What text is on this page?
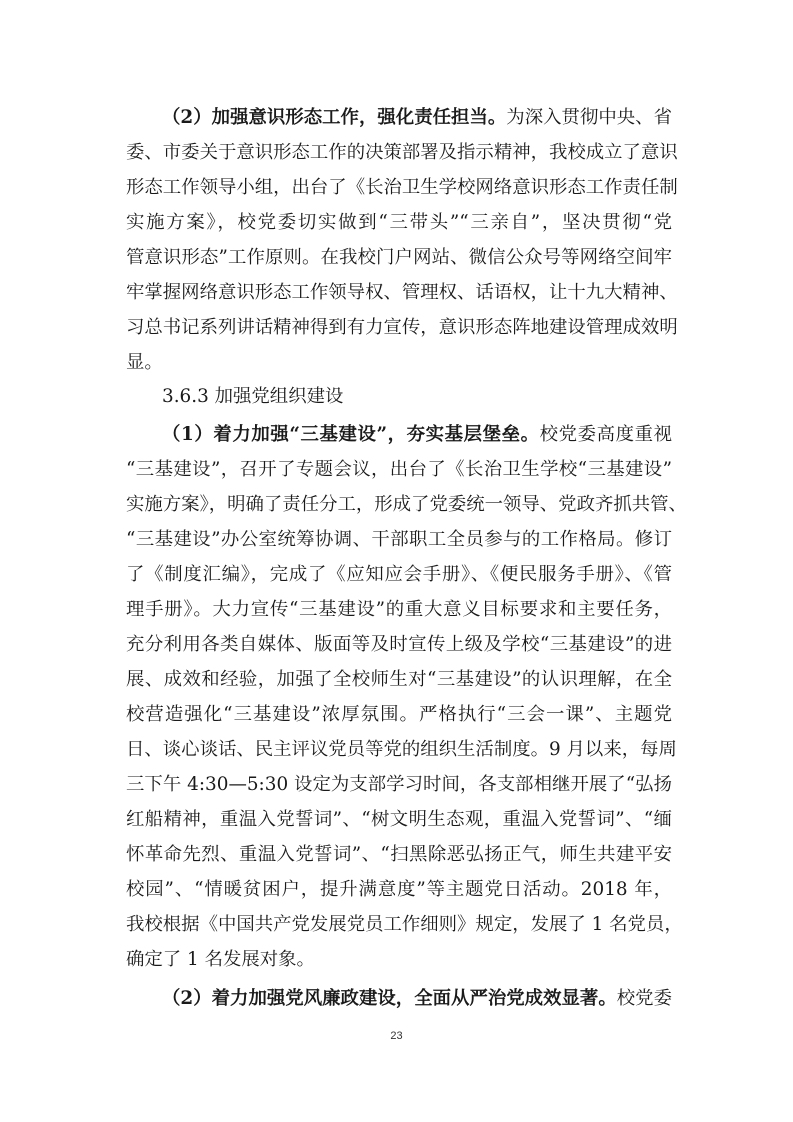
（2）加强意识形态工作，强化责任担当。为深入贯彻中央、省
委、市委关于意识形态工作的决策部署及指示精神，我校成立了意识
形态工作领导小组，出台了《长治卫生学校网络意识形态工作责任制
实施方案》，校党委切实做到“三带头”“三亲自”，坚决贯彻“党
管意识形态”工作原则。在我校门户网站、微信公众号等网络空间牢
牢掌握网络意识形态工作领导权、管理权、话语权，让十九大精神、
习总书记系列讲话精神得到有力宣传，意识形态阵地建设管理成效明
显。
3.6.3 加强党组织建设
（1）着力加强“三基建设”，夯实基层堡垒。校党委高度重视
“三基建设”，召开了专题会议，出台了《长治卫生学校“三基建设”
实施方案》，明确了责任分工，形成了党委统一领导、党政齐抓共管、
“三基建设”办公室统筹协调、干部职工全员参与的工作格局。修订
了《制度汇编》，完成了《应知应会手册》、《便民服务手册》、《管
理手册》。大力宣传“三基建设”的重大意义目标要求和主要任务，
充分利用各类自媒体、版面等及时宣传上级及学校“三基建设”的进
展、成效和经验，加强了全校师生对“三基建设”的认识理解，在全
校营造强化“三基建设”浓厚氛围。严格执行“三会一课”、主题党
日、谈心谈话、民主评议党员等党的组织生活制度。9 月以来，每周
三下午 4:30—5:30 设定为支部学习时间，各支部相继开展了“弘扬
红船精神，重温入党誓词”、“树文明生态观，重温入党誓词”、“缅
怀革命先烈、重温入党誓词”、“扫黑除恶弘扬正气，师生共建平安
校园”、“情暖贫困户，提升满意度”等主题党日活动。2018 年，
我校根据《中国共产党发展党员工作细则》规定，发展了 1 名党员，
确定了 1 名发展对象。
（2）着力加强党风廉政建设，全面从严治党成效显著。校党委
23
